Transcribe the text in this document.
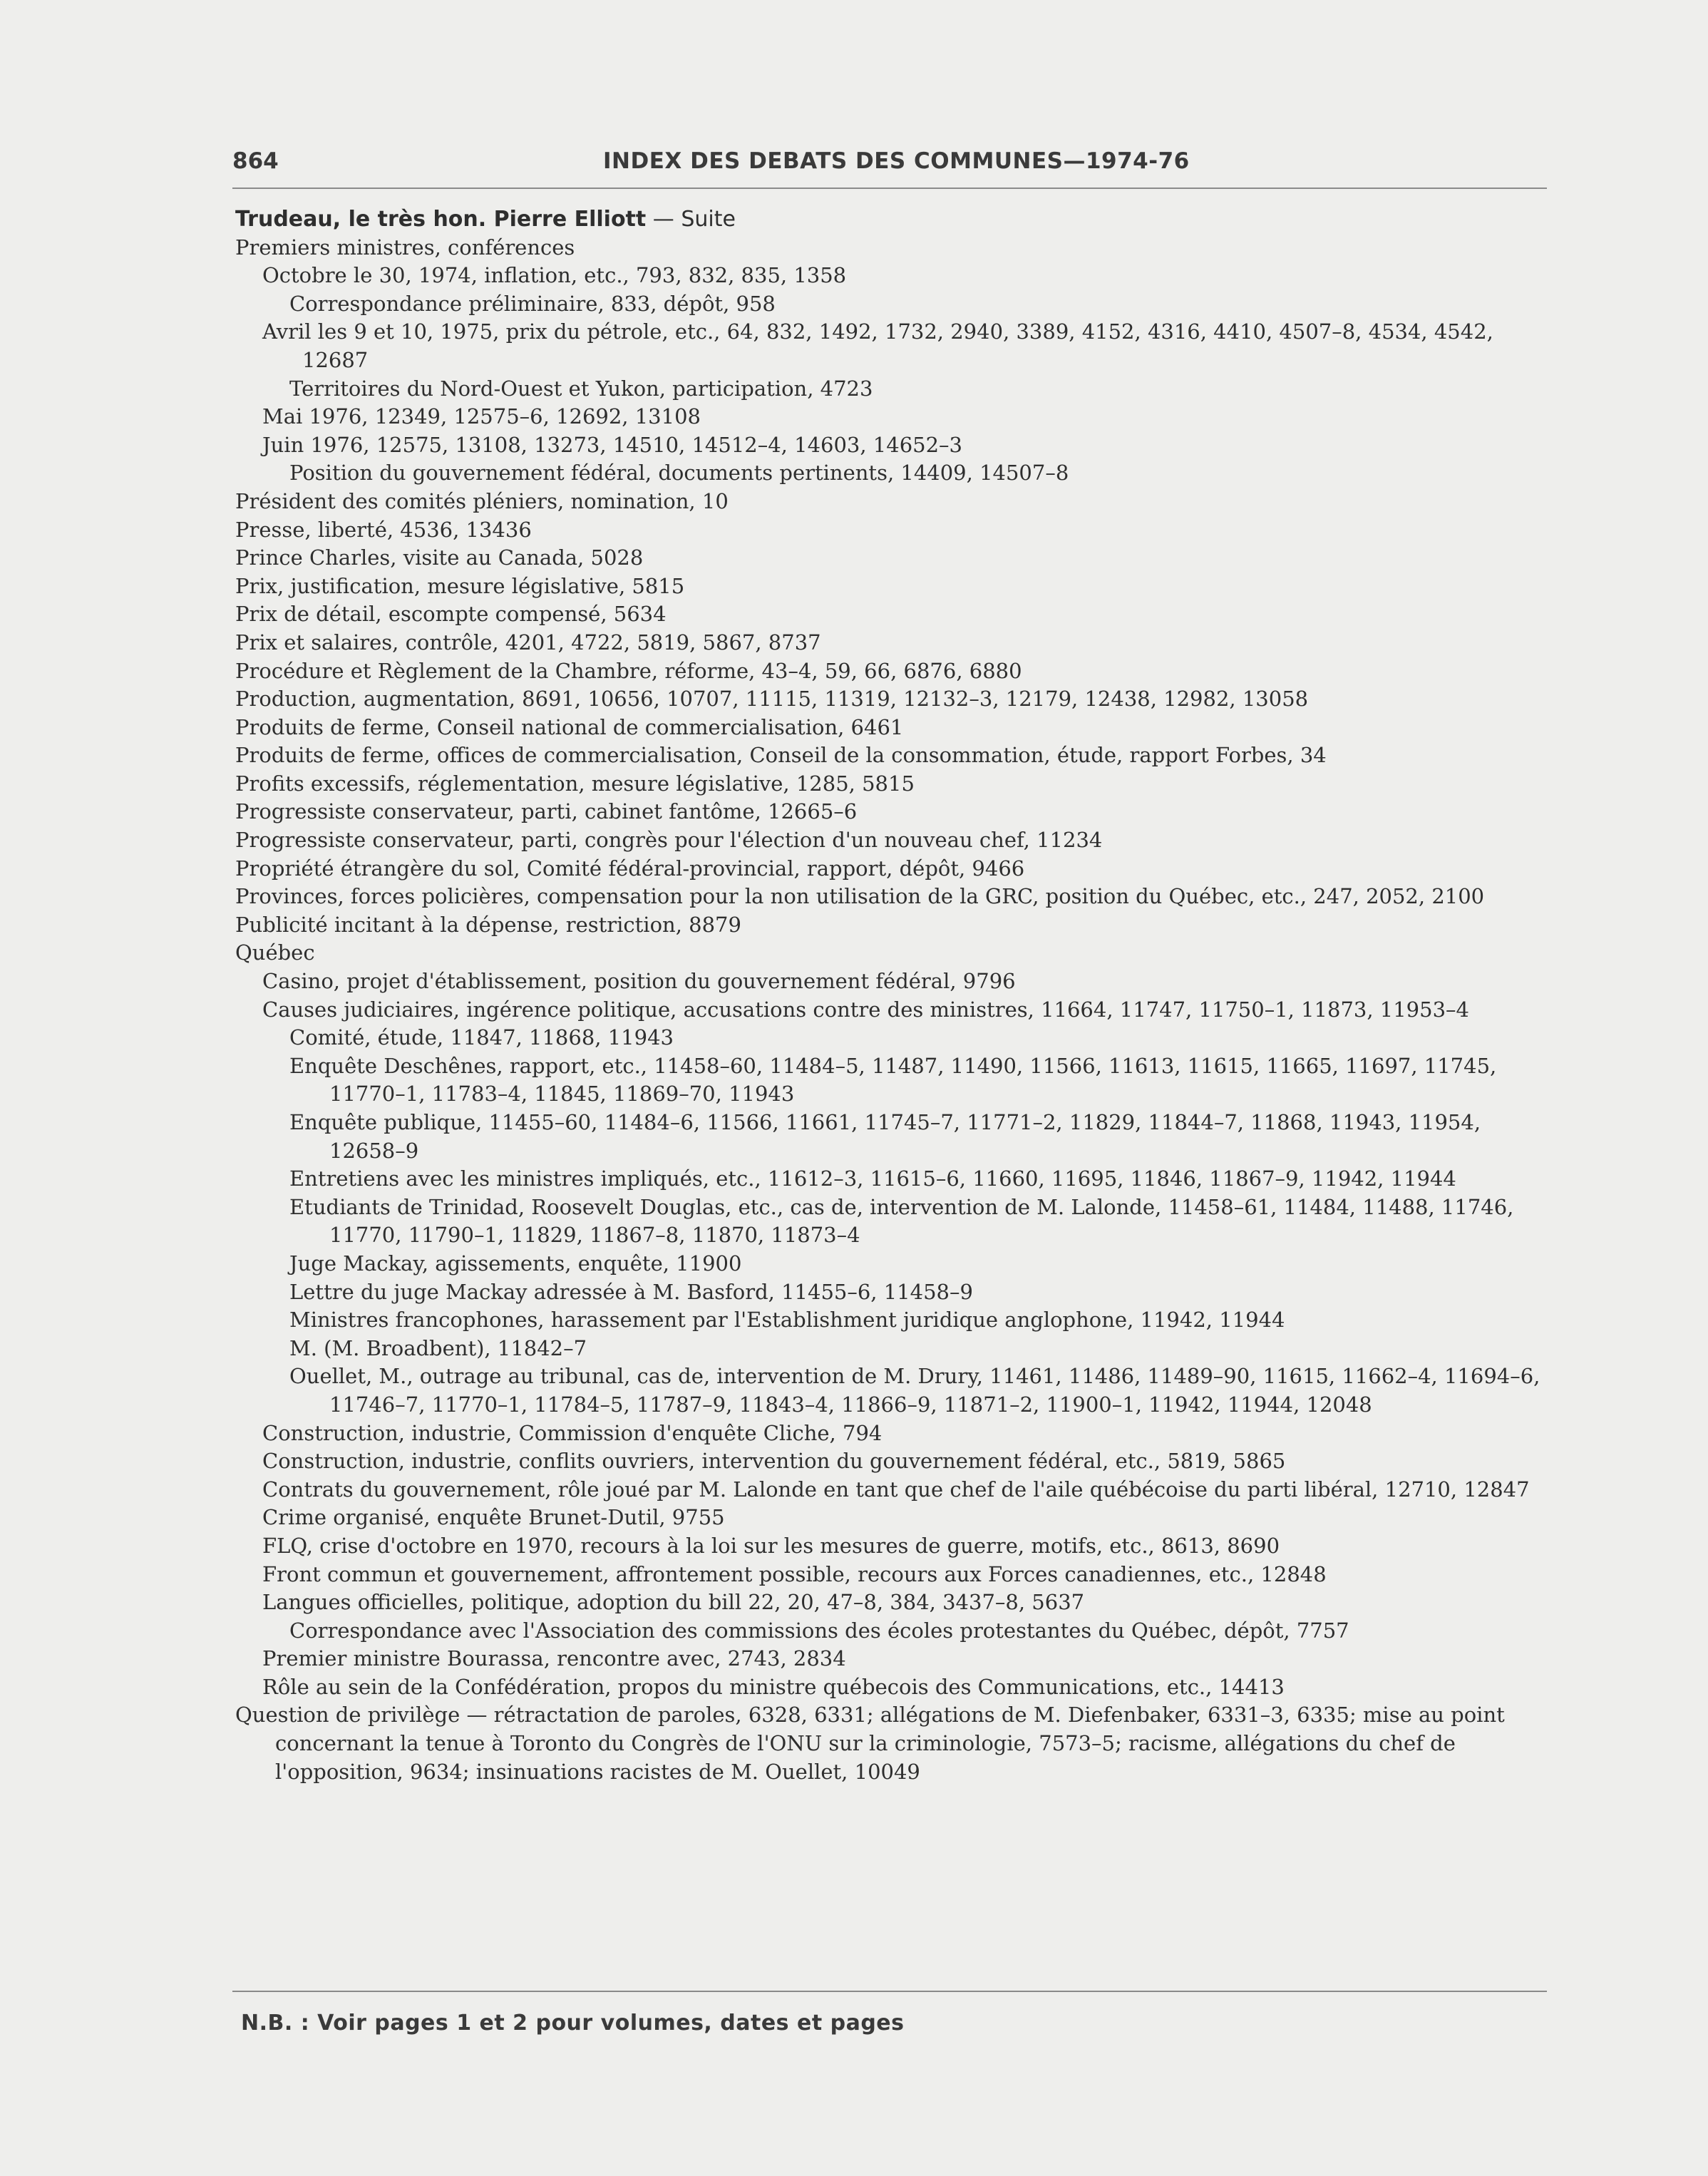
864	INDEX DES DEBATS DES COMMUNES—1974-76
Trudeau, le très hon. Pierre Elliott — Suite
Premiers ministres, conférences
Octobre le 30, 1974, inflation, etc., 793, 832, 835, 1358
Correspondance préliminaire, 833, dépôt, 958
Avril les 9 et 10, 1975, prix du pétrole, etc., 64, 832, 1492, 1732, 2940, 3389, 4152, 4316, 4410, 4507–8, 4534, 4542, 12687
Territoires du Nord-Ouest et Yukon, participation, 4723
Mai 1976, 12349, 12575–6, 12692, 13108
Juin 1976, 12575, 13108, 13273, 14510, 14512–4, 14603, 14652–3
Position du gouvernement fédéral, documents pertinents, 14409, 14507–8
Président des comités pléniers, nomination, 10
Presse, liberté, 4536, 13436
Prince Charles, visite au Canada, 5028
Prix, justification, mesure législative, 5815
Prix de détail, escompte compensé, 5634
Prix et salaires, contrôle, 4201, 4722, 5819, 5867, 8737
Procédure et Règlement de la Chambre, réforme, 43–4, 59, 66, 6876, 6880
Production, augmentation, 8691, 10656, 10707, 11115, 11319, 12132–3, 12179, 12438, 12982, 13058
Produits de ferme, Conseil national de commercialisation, 6461
Produits de ferme, offices de commercialisation, Conseil de la consommation, étude, rapport Forbes, 34
Profits excessifs, réglementation, mesure législative, 1285, 5815
Progressiste conservateur, parti, cabinet fantôme, 12665–6
Progressiste conservateur, parti, congrès pour l'élection d'un nouveau chef, 11234
Propriété étrangère du sol, Comité fédéral-provincial, rapport, dépôt, 9466
Provinces, forces policières, compensation pour la non utilisation de la GRC, position du Québec, etc., 247, 2052, 2100
Publicité incitant à la dépense, restriction, 8879
Québec
Casino, projet d'établissement, position du gouvernement fédéral, 9796
Causes judiciaires, ingérence politique, accusations contre des ministres, 11664, 11747, 11750–1, 11873, 11953–4
Comité, étude, 11847, 11868, 11943
Enquête Deschênes, rapport, etc., 11458–60, 11484–5, 11487, 11490, 11566, 11613, 11615, 11665, 11697, 11745, 11770–1, 11783–4, 11845, 11869–70, 11943
Enquête publique, 11455–60, 11484–6, 11566, 11661, 11745–7, 11771–2, 11829, 11844–7, 11868, 11943, 11954, 12658–9
Entretiens avec les ministres impliqués, etc., 11612–3, 11615–6, 11660, 11695, 11846, 11867–9, 11942, 11944
Etudiants de Trinidad, Roosevelt Douglas, etc., cas de, intervention de M. Lalonde, 11458–61, 11484, 11488, 11746, 11770, 11790–1, 11829, 11867–8, 11870, 11873–4
Juge Mackay, agissements, enquête, 11900
Lettre du juge Mackay adressée à M. Basford, 11455–6, 11458–9
Ministres francophones, harassement par l'Establishment juridique anglophone, 11942, 11944
M. (M. Broadbent), 11842–7
Ouellet, M., outrage au tribunal, cas de, intervention de M. Drury, 11461, 11486, 11489–90, 11615, 11662–4, 11694–6, 11746–7, 11770–1, 11784–5, 11787–9, 11843–4, 11866–9, 11871–2, 11900–1, 11942, 11944, 12048
Construction, industrie, Commission d'enquête Cliche, 794
Construction, industrie, conflits ouvriers, intervention du gouvernement fédéral, etc., 5819, 5865
Contrats du gouvernement, rôle joué par M. Lalonde en tant que chef de l'aile québécoise du parti libéral, 12710, 12847
Crime organisé, enquête Brunet-Dutil, 9755
FLQ, crise d'octobre en 1970, recours à la loi sur les mesures de guerre, motifs, etc., 8613, 8690
Front commun et gouvernement, affrontement possible, recours aux Forces canadiennes, etc., 12848
Langues officielles, politique, adoption du bill 22, 20, 47–8, 384, 3437–8, 5637
Correspondance avec l'Association des commissions des écoles protestantes du Québec, dépôt, 7757
Premier ministre Bourassa, rencontre avec, 2743, 2834
Rôle au sein de la Confédération, propos du ministre québecois des Communications, etc., 14413
Question de privilège — rétractation de paroles, 6328, 6331; allégations de M. Diefenbaker, 6331–3, 6335; mise au point concernant la tenue à Toronto du Congrès de l'ONU sur la criminologie, 7573–5; racisme, allégations du chef de l'opposition, 9634; insinuations racistes de M. Ouellet, 10049
N.B. : Voir pages 1 et 2 pour volumes, dates et pages
